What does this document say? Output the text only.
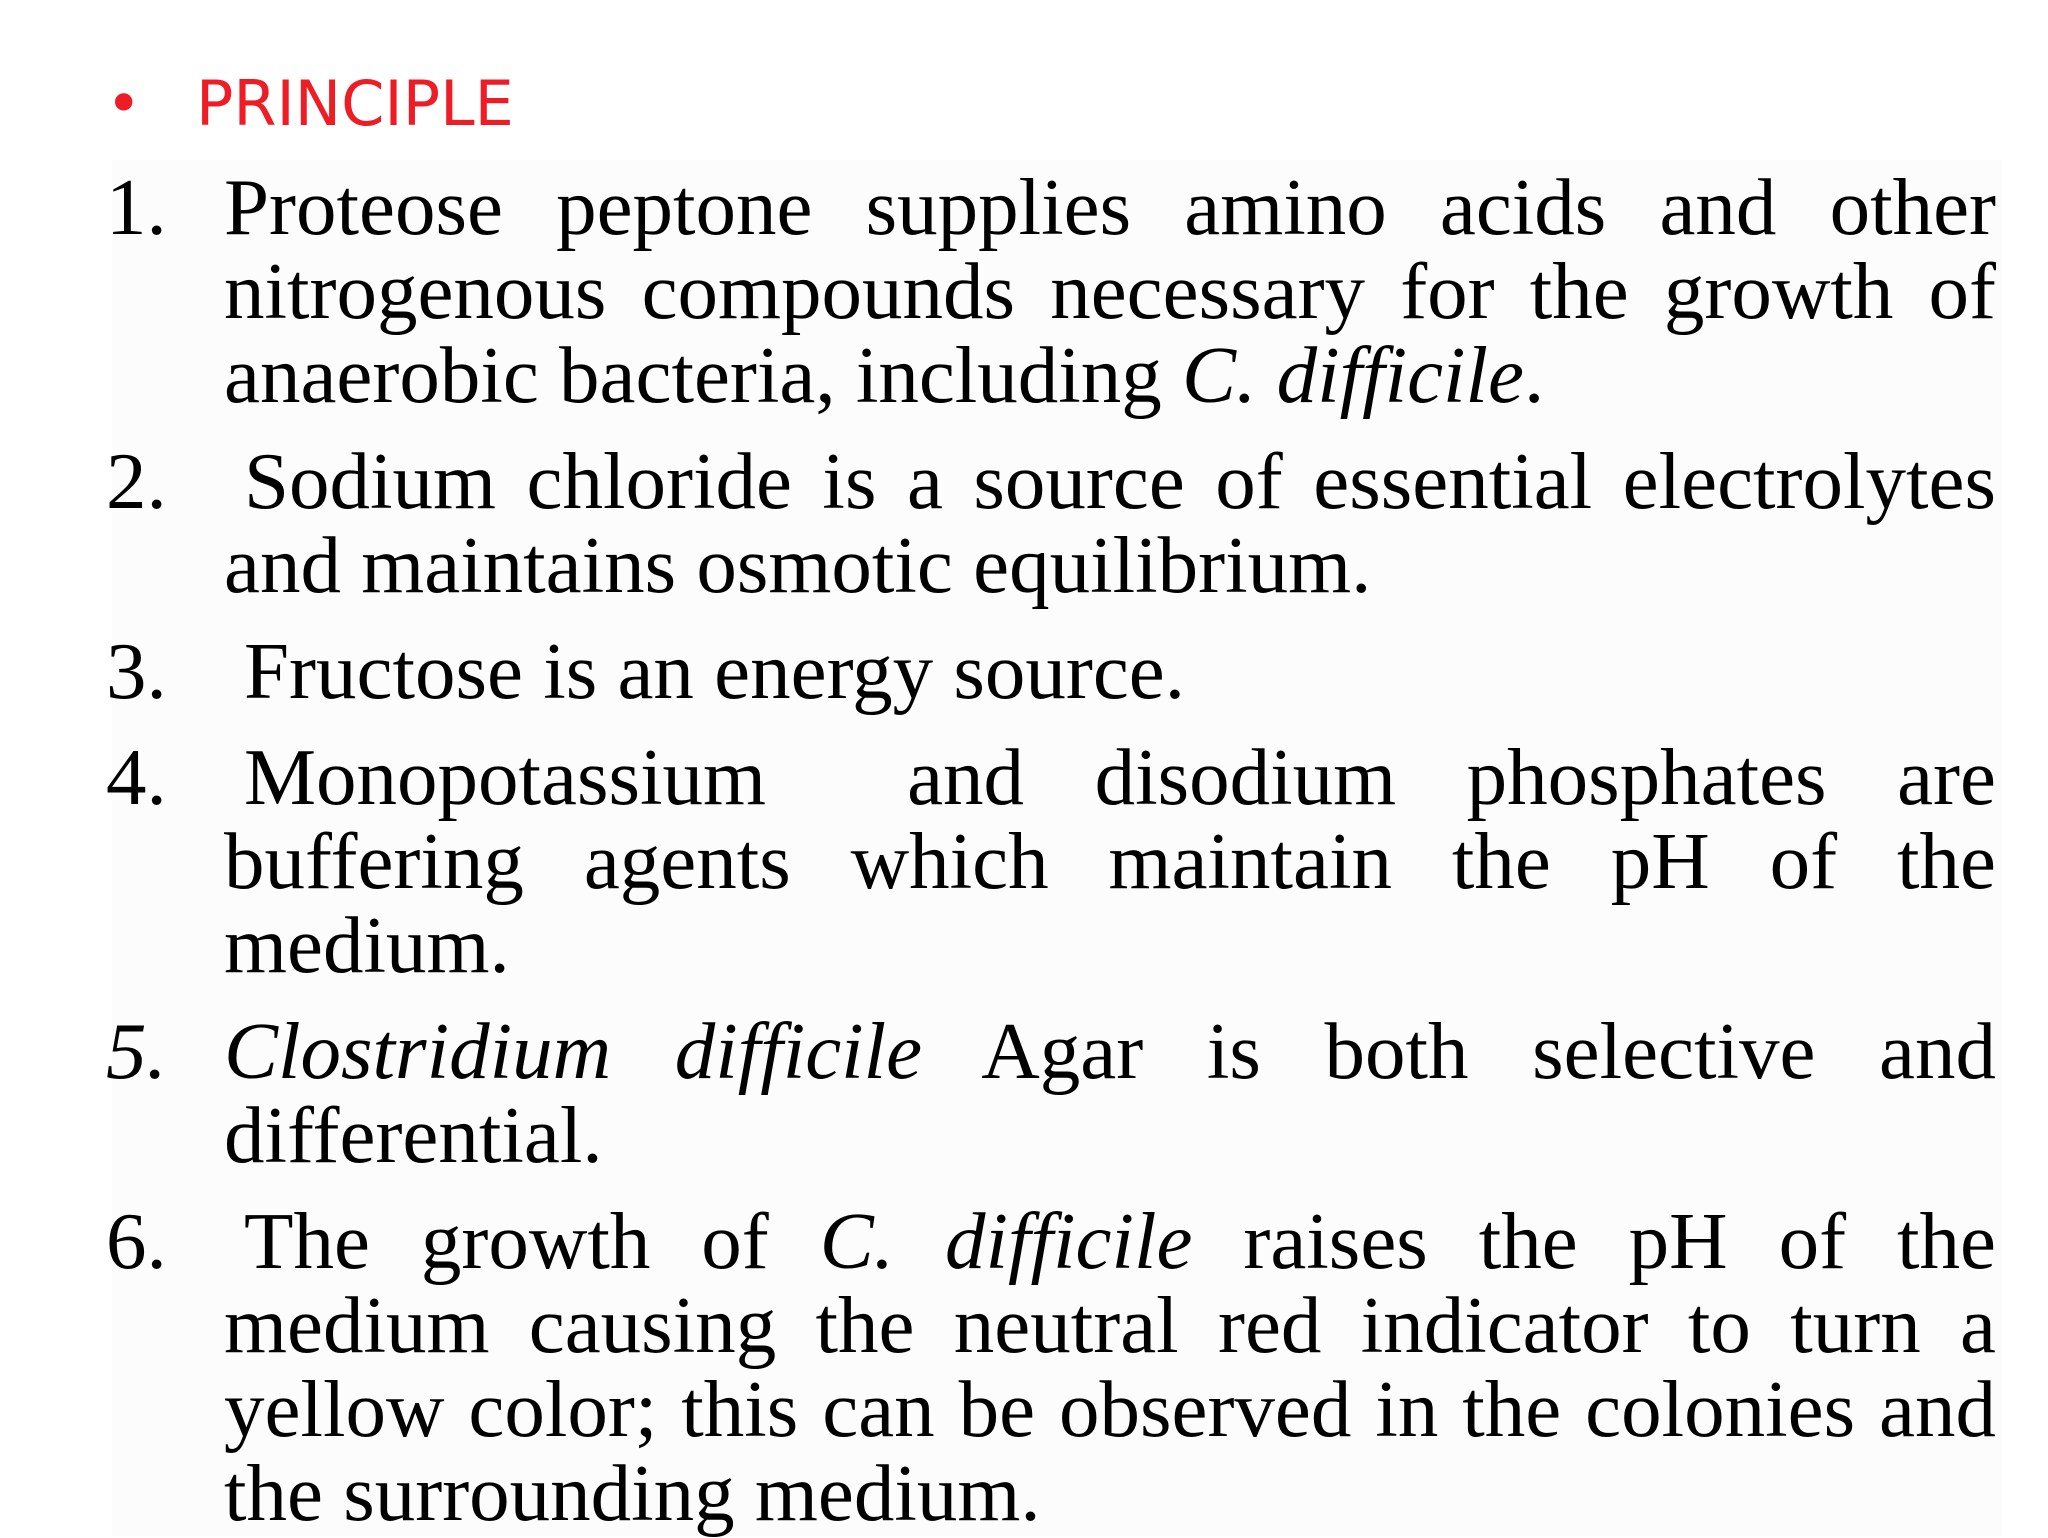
• PRINCIPLE
1. Proteose peptone supplies amino acids and other nitrogenous compounds necessary for the growth of anaerobic bacteria, including C. difficile.
2. Sodium chloride is a source of essential electrolytes and maintains osmotic equilibrium.
3. Fructose is an energy source.
4. Monopotassium  and disodium phosphates are buffering agents which maintain the pH of the medium.
5. Clostridium difficile Agar is both selective and differential.
6. The growth of C. difficile raises the pH of the medium causing the neutral red indicator to turn a yellow color; this can be observed in the colonies and the surrounding medium.
